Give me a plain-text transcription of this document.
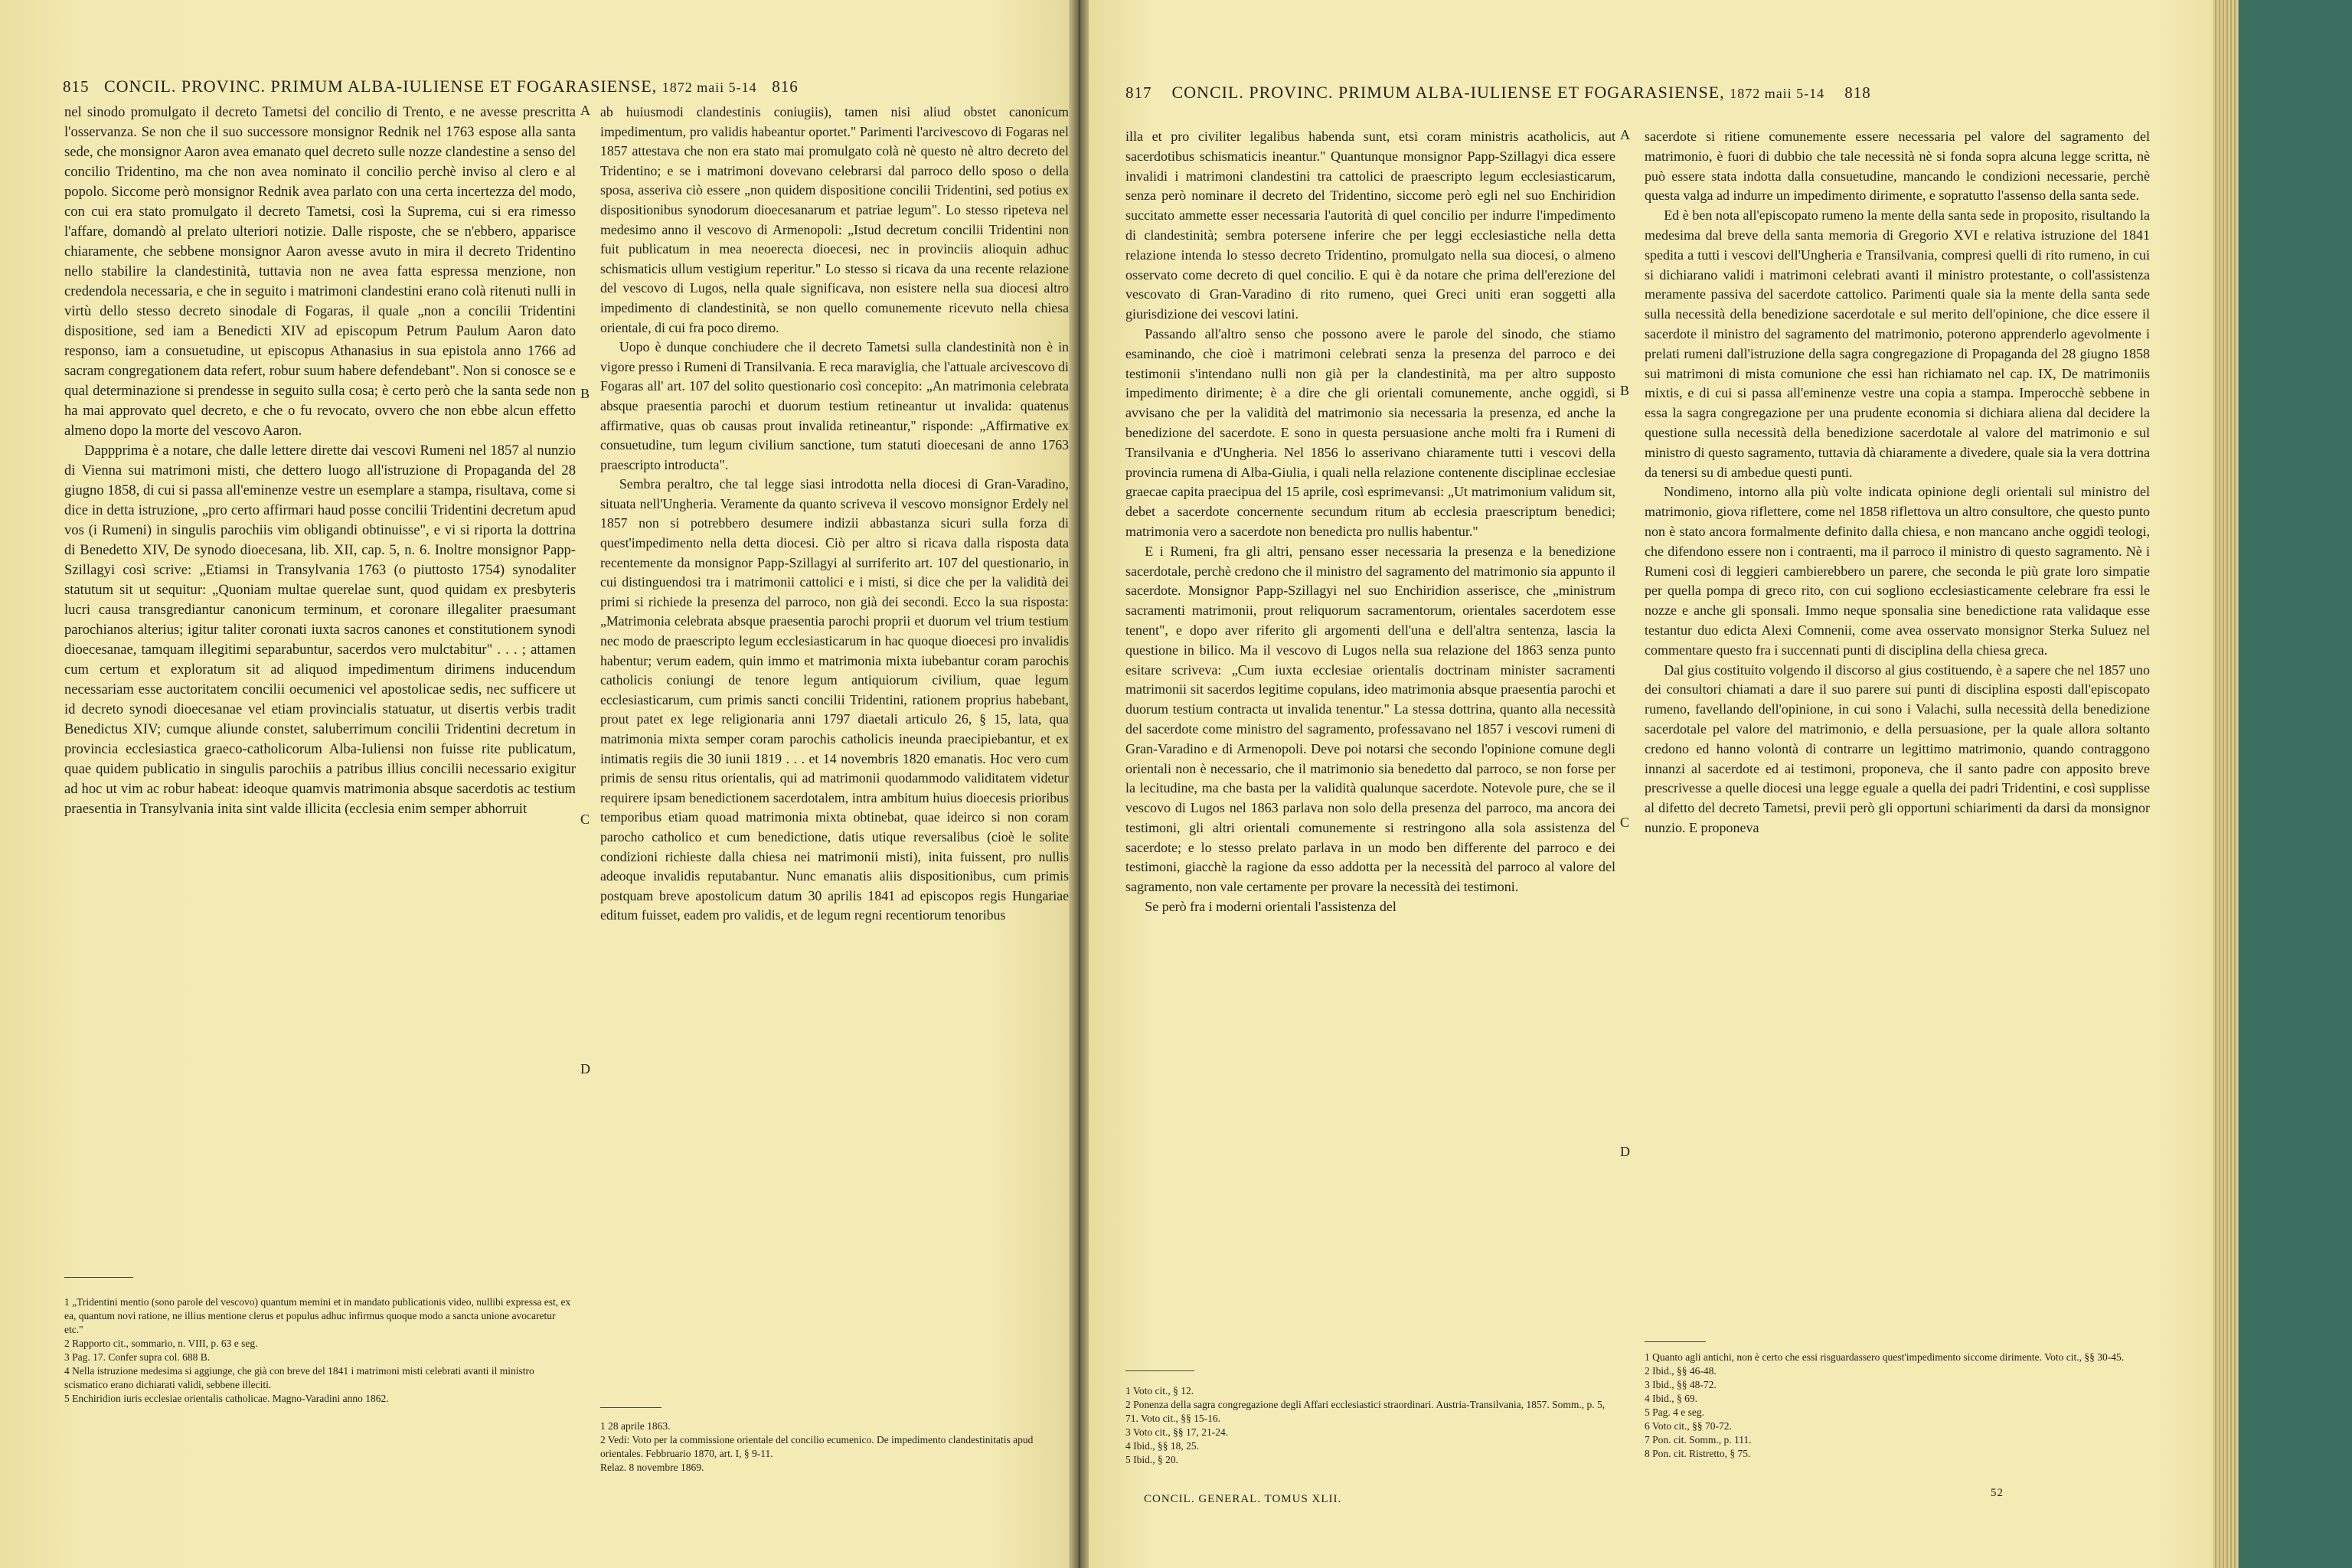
815 CONCIL. PROVINC. PRIMUM ALBA-IULIENSE ET FOGARASIENSE, 1872 maii 5-14 816

nel sinodo promulgato il decreto Tametsi del concilio di Trento, e ne avesse prescritta l'osservanza. Se non che il suo successore monsignor Rednik nel 1763 espose alla santa sede, che monsignor Aaron avea emanato quel decreto sulle nozze clandestine a senso del concilio Tridentino, ma che non avea nominato il concilio perchè inviso al clero e al popolo. Siccome però monsignor Rednik avea parlato con una certa incertezza del modo, con cui era stato promulgato il decreto Tametsi, così la Suprema, cui si era rimesso l'affare, domandò al prelato ulteriori notizie. Dalle risposte, che se n'ebbero, apparisce chiaramente, che sebbene monsignor Aaron avesse avuto in mira il decreto Tridentino nello stabilire la clandestinità, tuttavia non ne avea fatta espressa menzione, non credendola necessaria, e che in seguito i matrimoni clandestini erano colà ritenuti nulli in virtù dello stesso decreto sinodale di Fogaras, il quale „non a concilii Tridentini dispositione, sed iam a Benedicti XIV ad episcopum Petrum Paulum Aaron dato responso, iam a consuetudine, ut episcopus Athanasius in sua epistola anno 1766 ad sacram congregationem data refert, robur suum habere defendebant". Non si conosce se e qual determinazione si prendesse in seguito sulla cosa; è certo però che la santa sede non ha mai approvato quel decreto, e che o fu revocato, ovvero che non ebbe alcun effetto almeno dopo la morte del vescovo Aaron.

Dappprima è a notare, che dalle lettere dirette dai vescovi Rumeni nel 1857 al nunzio di Vienna sui matrimoni misti, che dettero luogo all'istruzione di Propaganda del 28 giugno 1858, di cui si passa all'eminenze vestre un esemplare a stampa, risultava, come si dice in detta istruzione, „pro certo affirmari haud posse concilii Tridentini decretum apud vos (i Rumeni) in singulis parochiis vim obligandi obtinuisse", e vi si riporta la dottrina di Benedetto XIV, De synodo dioecesana, lib. XII, cap. 5, n. 6. Inoltre monsignor Papp-Szillagyi così scrive: „Etiamsi in Transylvania 1763 (o piuttosto 1754) synodaliter statutum sit ut sequitur: „Quoniam multae querelae sunt, quod quidam ex presbyteris lucri causa transgrediantur canonicum terminum, et coronare illegaliter praesumant parochianos alterius; igitur taliter coronati iuxta sacros canones et constitutionem synodi dioecesanae, tamquam illegitimi separabuntur, sacerdos vero mulctabitur" . . . ; attamen cum certum et exploratum sit ad aliquod impedimentum dirimens inducendum necessariam esse auctoritatem concilii oecumenici vel apostolicae sedis, nec sufficere ut id decreto synodi dioecesanae vel etiam provincialis statuatur, ut disertis verbis tradit Benedictus XIV; cumque aliunde constet, saluberrimum concilii Tridentini decretum in provincia ecclesiastica graeco-catholicorum Alba-Iuliensi non fuisse rite publicatum, quae quidem publicatio in singulis parochiis a patribus illius concilii necessario exigitur ad hoc ut vim ac robur habeat: ideoque quamvis matrimonia absque sacerdotis ac testium praesentia in Transylvania inita sint valde illicita (ecclesia enim semper abhorruit

1 „Tridentini mentio (sono parole del vescovo) quantum memini et in mandato publicationis video, nullibi expressa est, ex ea, quantum novi ratione, ne illius mentione clerus et populus adhuc infirmus quoque modo a sancta unione avocaretur etc."
2 Rapporto cit., sommario, n. VIII, p. 63 e seg.
3 Pag. 17. Confer supra col. 688 B.
4 Nella istruzione medesima si aggiunge, che già con breve del 1841 i matrimoni misti celebrati avanti il ministro scismatico erano dichiarati validi, sebbene illeciti.
5 Enchiridion iuris ecclesiae orientalis catholicae. Magno-Varadini anno 1862.

ab huiusmodi clandestinis coniugiis), tamen nisi aliud obstet canonicum impedimentum, pro validis habeantur oportet." Parimenti l'arcivescovo di Fogaras nel 1857 attestava che non era stato mai promulgato colà nè questo nè altro decreto del Tridentino; e se i matrimoni dovevano celebrarsi dal parroco dello sposo o della sposa, asseriva ciò essere „non quidem dispositione concilii Tridentini, sed potius ex dispositionibus synodorum dioecesanarum et patriae legum". Lo stesso ripeteva nel medesimo anno il vescovo di Armenopoli: „Istud decretum concilii Tridentini non fuit publicatum in mea neoerecta dioecesi, nec in provinciis alioquin adhuc schismaticis ullum vestigium reperitur." Lo stesso si ricava da una recente relazione del vescovo di Lugos, nella quale significava, non esistere nella sua diocesi altro impedimento di clandestinità, se non quello comunemente ricevuto nella chiesa orientale, di cui fra poco diremo.

Uopo è dunque conchiudere che il decreto Tametsi sulla clandestinità non è in vigore presso i Rumeni di Transilvania. E reca maraviglia, che l'attuale arcivescovo di Fogaras all' art. 107 del solito questionario così concepito: „An matrimonia celebrata absque praesentia parochi et duorum testium retineantur ut invalida: quatenus affirmative, quas ob causas prout invalida retineantur," risponde: „Affirmative ex consuetudine, tum legum civilium sanctione, tum statuti dioecesani de anno 1763 praescripto introducta".

Sembra peraltro, che tal legge siasi introdotta nella diocesi di Gran-Varadino, situata nell'Ungheria. Veramente da quanto scriveva il vescovo monsignor Erdely nel 1857 non si potrebbero desumere indizii abbastanza sicuri sulla forza di quest'impedimento nella detta diocesi. Ciò per altro si ricava dalla risposta data recentemente da monsignor Papp-Szillagyi al surriferito art. 107 del questionario, in cui distinguendosi tra i matrimonii cattolici e i misti, si dice che per la validità dei primi si richiede la presenza del parroco, non già dei secondi. Ecco la sua risposta: „Matrimonia celebrata absque praesentia parochi proprii et duorum vel trium testium nec modo de praescripto legum ecclesiasticarum in hac quoque dioecesi pro invalidis habentur; verum eadem, quin immo et matrimonia mixta iubebantur coram parochis catholicis coniungi de tenore legum antiquiorum civilium, quae legum ecclesiasticarum, cum primis sancti concilii Tridentini, rationem proprius habebant, prout patet ex lege religionaria anni 1797 diaetali articulo 26, § 15, lata, qua matrimonia mixta semper coram parochis catholicis ineunda praecipiebantur, et ex intimatis regiis die 30 iunii 1819 . . . et 14 novembris 1820 emanatis. Hoc vero cum primis de sensu ritus orientalis, qui ad matrimonii quodammodo validitatem videtur requirere ipsam benedictionem sacerdotalem, intra ambitum huius dioecesis prioribus temporibus etiam quoad matrimonia mixta obtinebat, quae ideirco si non coram parocho catholico et cum benedictione, datis utique reversalibus (cioè le solite condizioni richieste dalla chiesa nei matrimonii misti), inita fuissent, pro nullis adeoque invalidis reputabantur. Nunc emanatis aliis dispositionibus, cum primis postquam breve apostolicum datum 30 aprilis 1841 ad episcopos regis Hungariae editum fuisset, eadem pro validis, et de legum regni recentiorum tenoribus

1 28 aprile 1863.
2 Vedi: Voto per la commissione orientale del concilio ecumenico. De impedimento clandestinitatis apud orientales. Febbruario 1870, art. I, § 9-11.
Relaz. 8 novembre 1869.
A
B
C
D
817 CONCIL. PROVINC. PRIMUM ALBA-IULIENSE ET FOGARASIENSE, 1872 maii 5-14 818

illa et pro civiliter legalibus habenda sunt, etsi coram ministris acatholicis, aut sacerdotibus schismaticis ineantur." Quantunque monsignor Papp-Szillagyi dica essere invalidi i matrimoni clandestini tra cattolici de praescripto legum ecclesiasticarum, senza però nominare il decreto del Tridentino, siccome però egli nel suo Enchiridion succitato ammette esser necessaria l'autorità di quel concilio per indurre l'impedimento di clandestinità; sembra potersene inferire che per leggi ecclesiastiche nella detta relazione intenda lo stesso decreto Tridentino, promulgato nella sua diocesi, o almeno osservato come decreto di quel concilio. E qui è da notare che prima dell'erezione del vescovato di Gran-Varadino di rito rumeno, quei Greci uniti eran soggetti alla giurisdizione dei vescovi latini.

Passando all'altro senso che possono avere le parole del sinodo, che stiamo esaminando, che cioè i matrimoni celebrati senza la presenza del parroco e dei testimonii s'intendano nulli non già per la clandestinità, ma per altro supposto impedimento dirimente; è a dire che gli orientali comunemente, anche oggidì, si avvisano che per la validità del matrimonio sia necessaria la presenza, ed anche la benedizione del sacerdote. E sono in questa persuasione anche molti fra i Rumeni di Transilvania e d'Ungheria. Nel 1856 lo asserivano chiaramente tutti i vescovi della provincia rumena di Alba-Giulia, i quali nella relazione contenente disciplinae ecclesiae graecae capita praecipua del 15 aprile, così esprimevansi: „Ut matrimonium validum sit, debet a sacerdote concernente secundum ritum ab ecclesia praescriptum benedici; matrimonia vero a sacerdote non benedicta pro nullis habentur."

E i Rumeni, fra gli altri, pensano esser necessaria la presenza e la benedizione sacerdotale, perchè credono che il ministro del sagramento del matrimonio sia appunto il sacerdote. Monsignor Papp-Szillagyi nel suo Enchiridion asserisce, che „ministrum sacramenti matrimonii, prout reliquorum sacramentorum, orientales sacerdotem esse tenent", e dopo aver riferito gli argomenti dell'una e dell'altra sentenza, lascia la questione in bilico. Ma il vescovo di Lugos nella sua relazione del 1863 senza punto esitare scriveva: „Cum iuxta ecclesiae orientalis doctrinam minister sacramenti matrimonii sit sacerdos legitime copulans, ideo matrimonia absque praesentia parochi et duorum testium contracta ut invalida tenentur." La stessa dottrina, quanto alla necessità del sacerdote come ministro del sagramento, professavano nel 1857 i vescovi rumeni di Gran-Varadino e di Armenopoli. Deve poi notarsi che secondo l'opinione comune degli orientali non è necessario, che il matrimonio sia benedetto dal parroco, se non forse per la lecitudine, ma che basta per la validità qualunque sacerdote. Notevole pure, che se il vescovo di Lugos nel 1863 parlava non solo della presenza del parroco, ma ancora dei testimoni, gli altri orientali comunemente si restringono alla sola assistenza del sacerdote; e lo stesso prelato parlava in un modo ben differente del parroco e dei testimoni, giacchè la ragione da esso addotta per la necessità del parroco al valore del sagramento, non vale certamente per provare la necessità dei testimoni.

Se però fra i moderni orientali l'assistenza del

1 Voto cit., § 12.
2 Ponenza della sagra congregazione degli Affari ecclesiastici straordinari. Austria-Transilvania, 1857. Somm., p. 5, 71. Voto cit., §§ 15-16.
3 Voto cit., §§ 17, 21-24.
4 Ibid., §§ 18, 25.
5 Ibid., § 20.
CONCIL. GENERAL. TOMUS XLII.

sacerdote si ritiene comunemente essere necessaria pel valore del sagramento del matrimonio, è fuori di dubbio che tale necessità nè si fonda sopra alcuna legge scritta, nè può essere stata indotta dalla consuetudine, mancando le condizioni necessarie, perchè questa valga ad indurre un impedimento dirimente, e sopratutto l'assenso della santa sede.

Ed è ben nota all'episcopato rumeno la mente della santa sede in proposito, risultando la medesima dal breve della santa memoria di Gregorio XVI e relativa istruzione del 1841 spedita a tutti i vescovi dell'Ungheria e Transilvania, compresi quelli di rito rumeno, in cui si dichiarano validi i matrimoni celebrati avanti il ministro protestante, o coll'assistenza meramente passiva del sacerdote cattolico. Parimenti quale sia la mente della santa sede sulla necessità della benedizione sacerdotale e sul merito dell'opinione, che dice essere il sacerdote il ministro del sagramento del matrimonio, poterono apprenderlo agevolmente i prelati rumeni dall'istruzione della sagra congregazione di Propaganda del 28 giugno 1858 sui matrimoni di mista comunione che essi han richiamato nel cap. IX, De matrimoniis mixtis, e di cui si passa all'eminenze vestre una copia a stampa. Imperocchè sebbene in essa la sagra congregazione per una prudente economia si dichiara aliena dal decidere la questione sulla necessità della benedizione sacerdotale al valore del matrimonio e sul ministro di questo sagramento, tuttavia dà chiaramente a divedere, quale sia la vera dottrina da tenersi su di ambedue questi punti.

Nondimeno, intorno alla più volte indicata opinione degli orientali sul ministro del matrimonio, giova riflettere, come nel 1858 riflettova un altro consultore, che questo punto non è stato ancora formalmente definito dalla chiesa, e non mancano anche oggidì teologi, che difendono essere non i contraenti, ma il parroco il ministro di questo sagramento. Nè i Rumeni così di leggieri cambierebbero un parere, che seconda le più grate loro simpatie per quella pompa di greco rito, con cui sogliono ecclesiasticamente celebrare fra essi le nozze e anche gli sponsali. Immo neque sponsalia sine benedictione rata validaque esse testantur duo edicta Alexi Comnenii, come avea osservato monsignor Sterka Suluez nel commentare questo fra i succennati punti di disciplina della chiesa greca.

Dal gius costituito volgendo il discorso al gius costituendo, è a sapere che nel 1857 uno dei consultori chiamati a dare il suo parere sui punti di disciplina esposti dall'episcopato rumeno, favellando dell'opinione, in cui sono i Valachi, sulla necessità della benedizione sacerdotale pel valore del matrimonio, e della persuasione, per la quale allora soltanto credono ed hanno volontà di contrarre un legittimo matrimonio, quando contraggono innanzi al sacerdote ed ai testimoni, proponeva, che il santo padre con apposito breve prescrivesse a quelle diocesi una legge eguale a quella dei padri Tridentini, e così supplisse al difetto del decreto Tametsi, previi però gli opportuni schiarimenti da darsi da monsignor nunzio. E proponeva

1 Quanto agli antichi, non è certo che essi risguardassero quest'impedimento siccome dirimente. Voto cit., §§ 30-45.
2 Ibid., §§ 46-48.
3 Ibid., §§ 48-72.
4 Ibid., § 69.
5 Pag. 4 e seg.
6 Voto cit., §§ 70-72.
7 Pon. cit. Somm., p. 111.
8 Pon. cit. Ristretto, § 75.
52
A
B
C
D
